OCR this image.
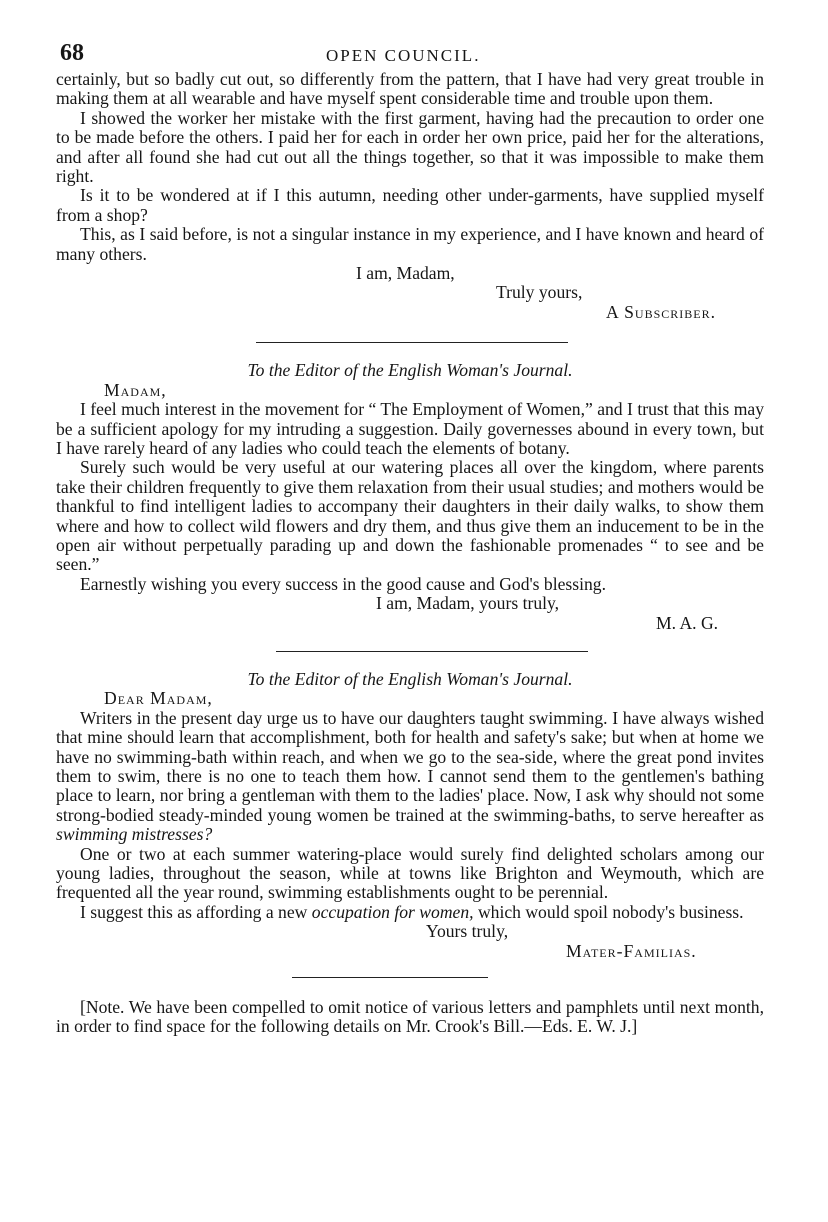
68	OPEN COUNCIL.

certainly, but so badly cut out, so differently from the pattern, that I have had very great trouble in making them at all wearable and have myself spent considerable time and trouble upon them.

I showed the worker her mistake with the first garment, having had the precaution to order one to be made before the others. I paid her for each in order her own price, paid her for the alterations, and after all found she had cut out all the things together, so that it was impossible to make them right.

Is it to be wondered at if I this autumn, needing other under-garments, have supplied myself from a shop?

This, as I said before, is not a singular instance in my experience, and I have known and heard of many others.

I am, Madam,

Truly yours,

A Subscriber.

To the Editor of the English Woman's Journal.

Madam,

I feel much interest in the movement for “ The Employment of Women,” and I trust that this may be a sufficient apology for my intruding a suggestion. Daily governesses abound in every town, but I have rarely heard of any ladies who could teach the elements of botany.

Surely such would be very useful at our watering places all over the kingdom, where parents take their children frequently to give them relaxation from their usual studies; and mothers would be thankful to find intelligent ladies to accompany their daughters in their daily walks, to show them where and how to collect wild flowers and dry them, and thus give them an inducement to be in the open air without perpetually parading up and down the fashionable promenades “ to see and be seen.”

Earnestly wishing you every success in the good cause and God's blessing.

I am, Madam, yours truly,

M. A. G.

To the Editor of the English Woman's Journal.

Dear Madam,

Writers in the present day urge us to have our daughters taught swimming. I have always wished that mine should learn that accomplishment, both for health and safety's sake; but when at home we have no swimming-bath within reach, and when we go to the sea-side, where the great pond invites them to swim, there is no one to teach them how. I cannot send them to the gentlemen's bathing place to learn, nor bring a gentleman with them to the ladies' place. Now, I ask why should not some strong-bodied steady-minded young women be trained at the swimming-baths, to serve hereafter as swimming mistresses?

One or two at each summer watering-place would surely find delighted scholars among our young ladies, throughout the season, while at towns like Brighton and Weymouth, which are frequented all the year round, swimming establishments ought to be perennial.

I suggest this as affording a new occupation for women, which would spoil nobody's business.

Yours truly,

Mater-Familias.

[Note. We have been compelled to omit notice of various letters and pamphlets until next month, in order to find space for the following details on Mr. Crook's Bill.—Eds. E. W. J.]
